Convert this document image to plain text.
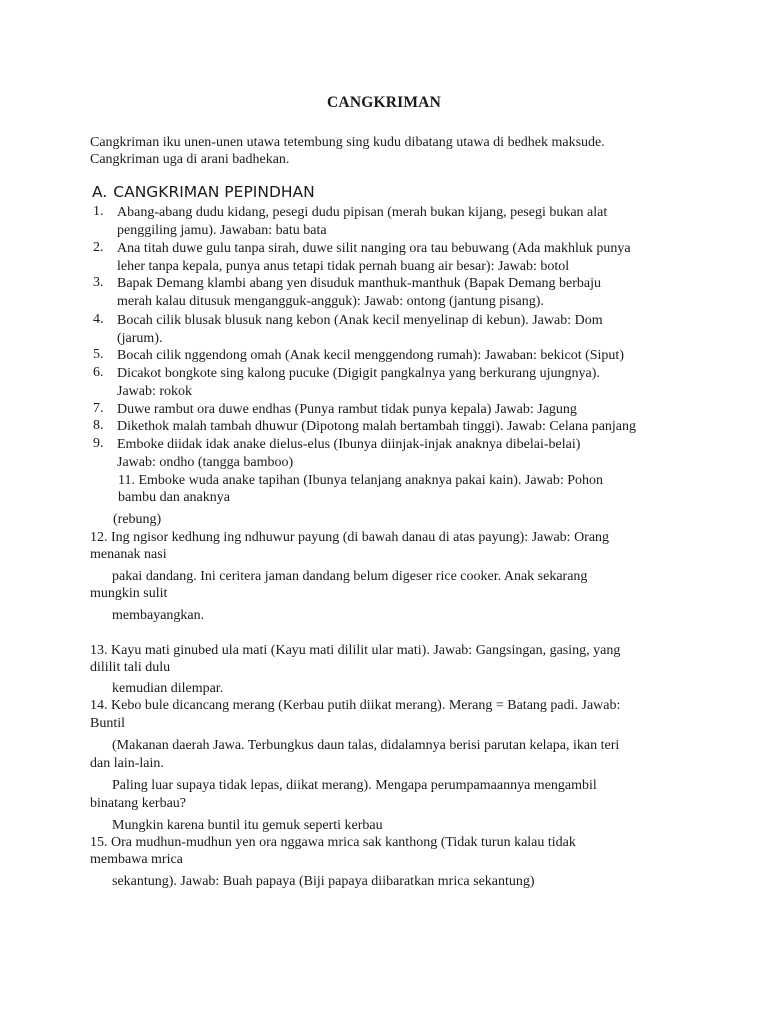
CANGKRIMAN
Cangkriman iku unen-unen utawa tetembung sing kudu dibatang utawa di bedhek maksude.
Cangkriman uga di arani badhekan.
A. CANGKRIMAN PEPINDHAN
1. Abang-abang dudu kidang, pesegi dudu pipisan (merah bukan kijang, pesegi bukan alat
penggiling jamu). Jawaban: batu bata
2. Ana titah duwe gulu tanpa sirah, duwe silit nanging ora tau bebuwang (Ada makhluk punya
leher tanpa kepala, punya anus tetapi tidak pernah buang air besar): Jawab: botol
3. Bapak Demang klambi abang yen disuduk manthuk-manthuk (Bapak Demang berbaju
merah kalau ditusuk mengangguk-angguk): Jawab: ontong (jantung pisang).
4. Bocah cilik blusak blusuk nang kebon (Anak kecil menyelinap di kebun). Jawab: Dom
(jarum).
5. Bocah cilik nggendong omah (Anak kecil menggendong rumah): Jawaban: bekicot (Siput)
6. Dicakot bongkote sing kalong pucuke (Digigit pangkalnya yang berkurang ujungnya).
Jawab: rokok
7. Duwe rambut ora duwe endhas (Punya rambut tidak punya kepala) Jawab: Jagung
8. Dikethok malah tambah dhuwur (Dipotong malah bertambah tinggi). Jawab: Celana panjang
9. Emboke diidak idak anake dielus-elus (Ibunya diinjak-injak anaknya dibelai-belai)
Jawab: ondho (tangga bamboo)
11. Emboke wuda anake tapihan (Ibunya telanjang anaknya pakai kain). Jawab: Pohon
bambu dan anaknya
(rebung)
12. Ing ngisor kedhung ing ndhuwur payung (di bawah danau di atas payung): Jawab: Orang
menanak nasi
pakai dandang. Ini ceritera jaman dandang belum digeser rice cooker. Anak sekarang
mungkin sulit
membayangkan.
13. Kayu mati ginubed ula mati (Kayu mati dililit ular mati). Jawab: Gangsingan, gasing, yang
dililit tali dulu
kemudian dilempar.
14. Kebo bule dicancang merang (Kerbau putih diikat merang). Merang = Batang padi. Jawab:
Buntil
(Makanan daerah Jawa. Terbungkus daun talas, didalamnya berisi parutan kelapa, ikan teri
dan lain-lain.
Paling luar supaya tidak lepas, diikat merang). Mengapa perumpamaannya mengambil
binatang kerbau?
Mungkin karena buntil itu gemuk seperti kerbau
15. Ora mudhun-mudhun yen ora nggawa mrica sak kanthong (Tidak turun kalau tidak
membawa mrica
sekantung). Jawab: Buah papaya (Biji papaya diibaratkan mrica sekantung)
